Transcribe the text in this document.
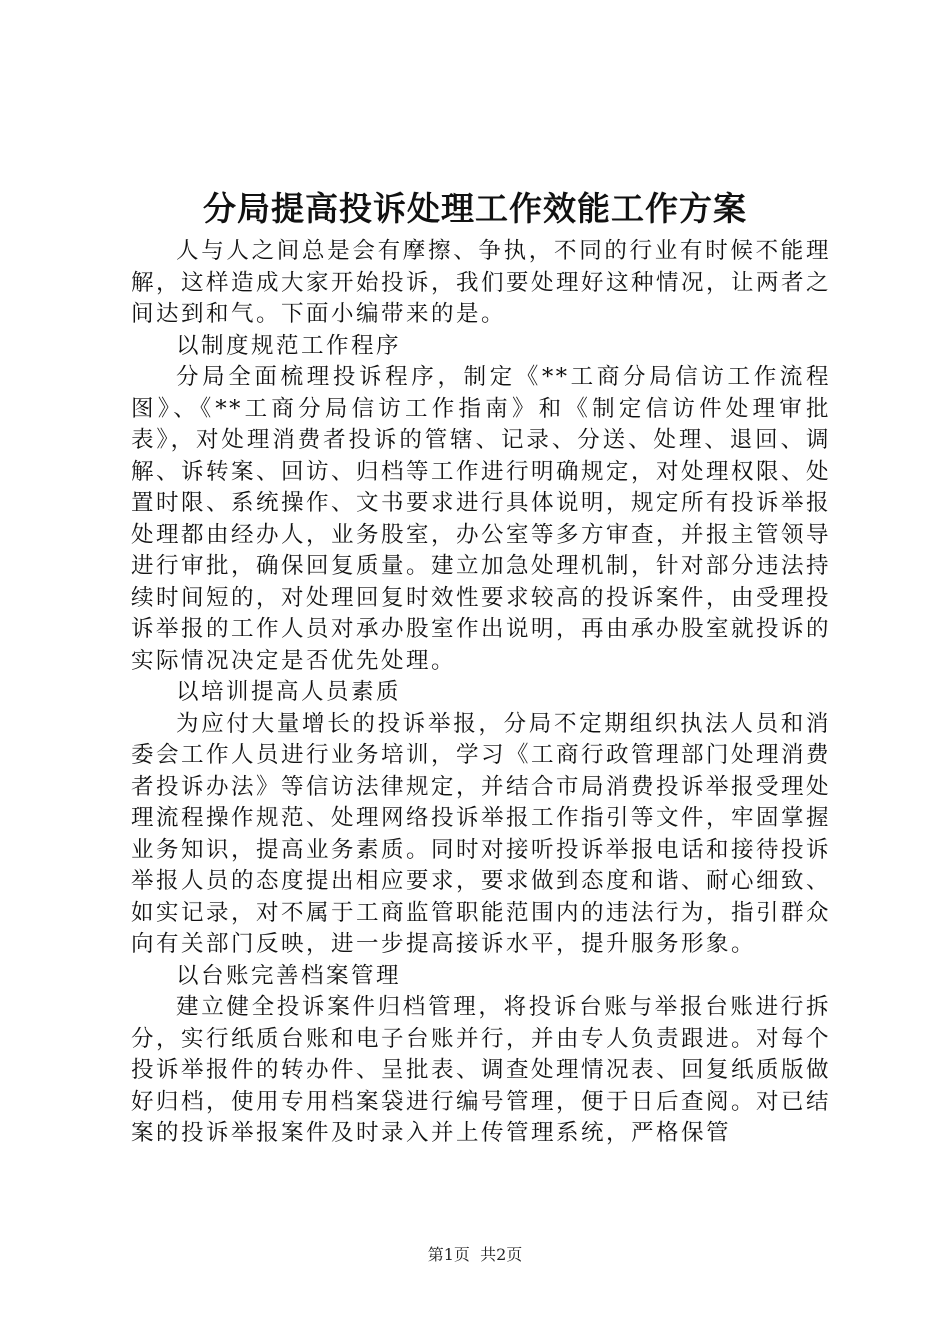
分局提高投诉处理工作效能工作方案

人与人之间总是会有摩擦、争执，不同的行业有时候不能理解，这样造成大家开始投诉，我们要处理好这种情况，让两者之间达到和气。下面小编带来的是。

以制度规范工作程序

分局全面梳理投诉程序，制定《**工商分局信访工作流程图》、《**工商分局信访工作指南》和《制定信访件处理审批表》，对处理消费者投诉的管辖、记录、分送、处理、退回、调解、诉转案、回访、归档等工作进行明确规定，对处理权限、处置时限、系统操作、文书要求进行具体说明，规定所有投诉举报处理都由经办人，业务股室，办公室等多方审查，并报主管领导进行审批，确保回复质量。建立加急处理机制，针对部分违法持续时间短的，对处理回复时效性要求较高的投诉案件，由受理投诉举报的工作人员对承办股室作出说明，再由承办股室就投诉的实际情况决定是否优先处理。

以培训提高人员素质

为应付大量增长的投诉举报，分局不定期组织执法人员和消委会工作人员进行业务培训，学习《工商行政管理部门处理消费者投诉办法》等信访法律规定，并结合市局消费投诉举报受理处理流程操作规范、处理网络投诉举报工作指引等文件，牢固掌握业务知识，提高业务素质。同时对接听投诉举报电话和接待投诉举报人员的态度提出相应要求，要求做到态度和谐、耐心细致、如实记录，对不属于工商监管职能范围内的违法行为，指引群众向有关部门反映，进一步提高接诉水平，提升服务形象。

以台账完善档案管理

建立健全投诉案件归档管理，将投诉台账与举报台账进行拆分，实行纸质台账和电子台账并行，并由专人负责跟进。对每个投诉举报件的转办件、呈批表、调查处理情况表、回复纸质版做好归档，使用专用档案袋进行编号管理，便于日后查阅。对已结案的投诉举报案件及时录入并上传管理系统，严格保管

第1页 共2页
